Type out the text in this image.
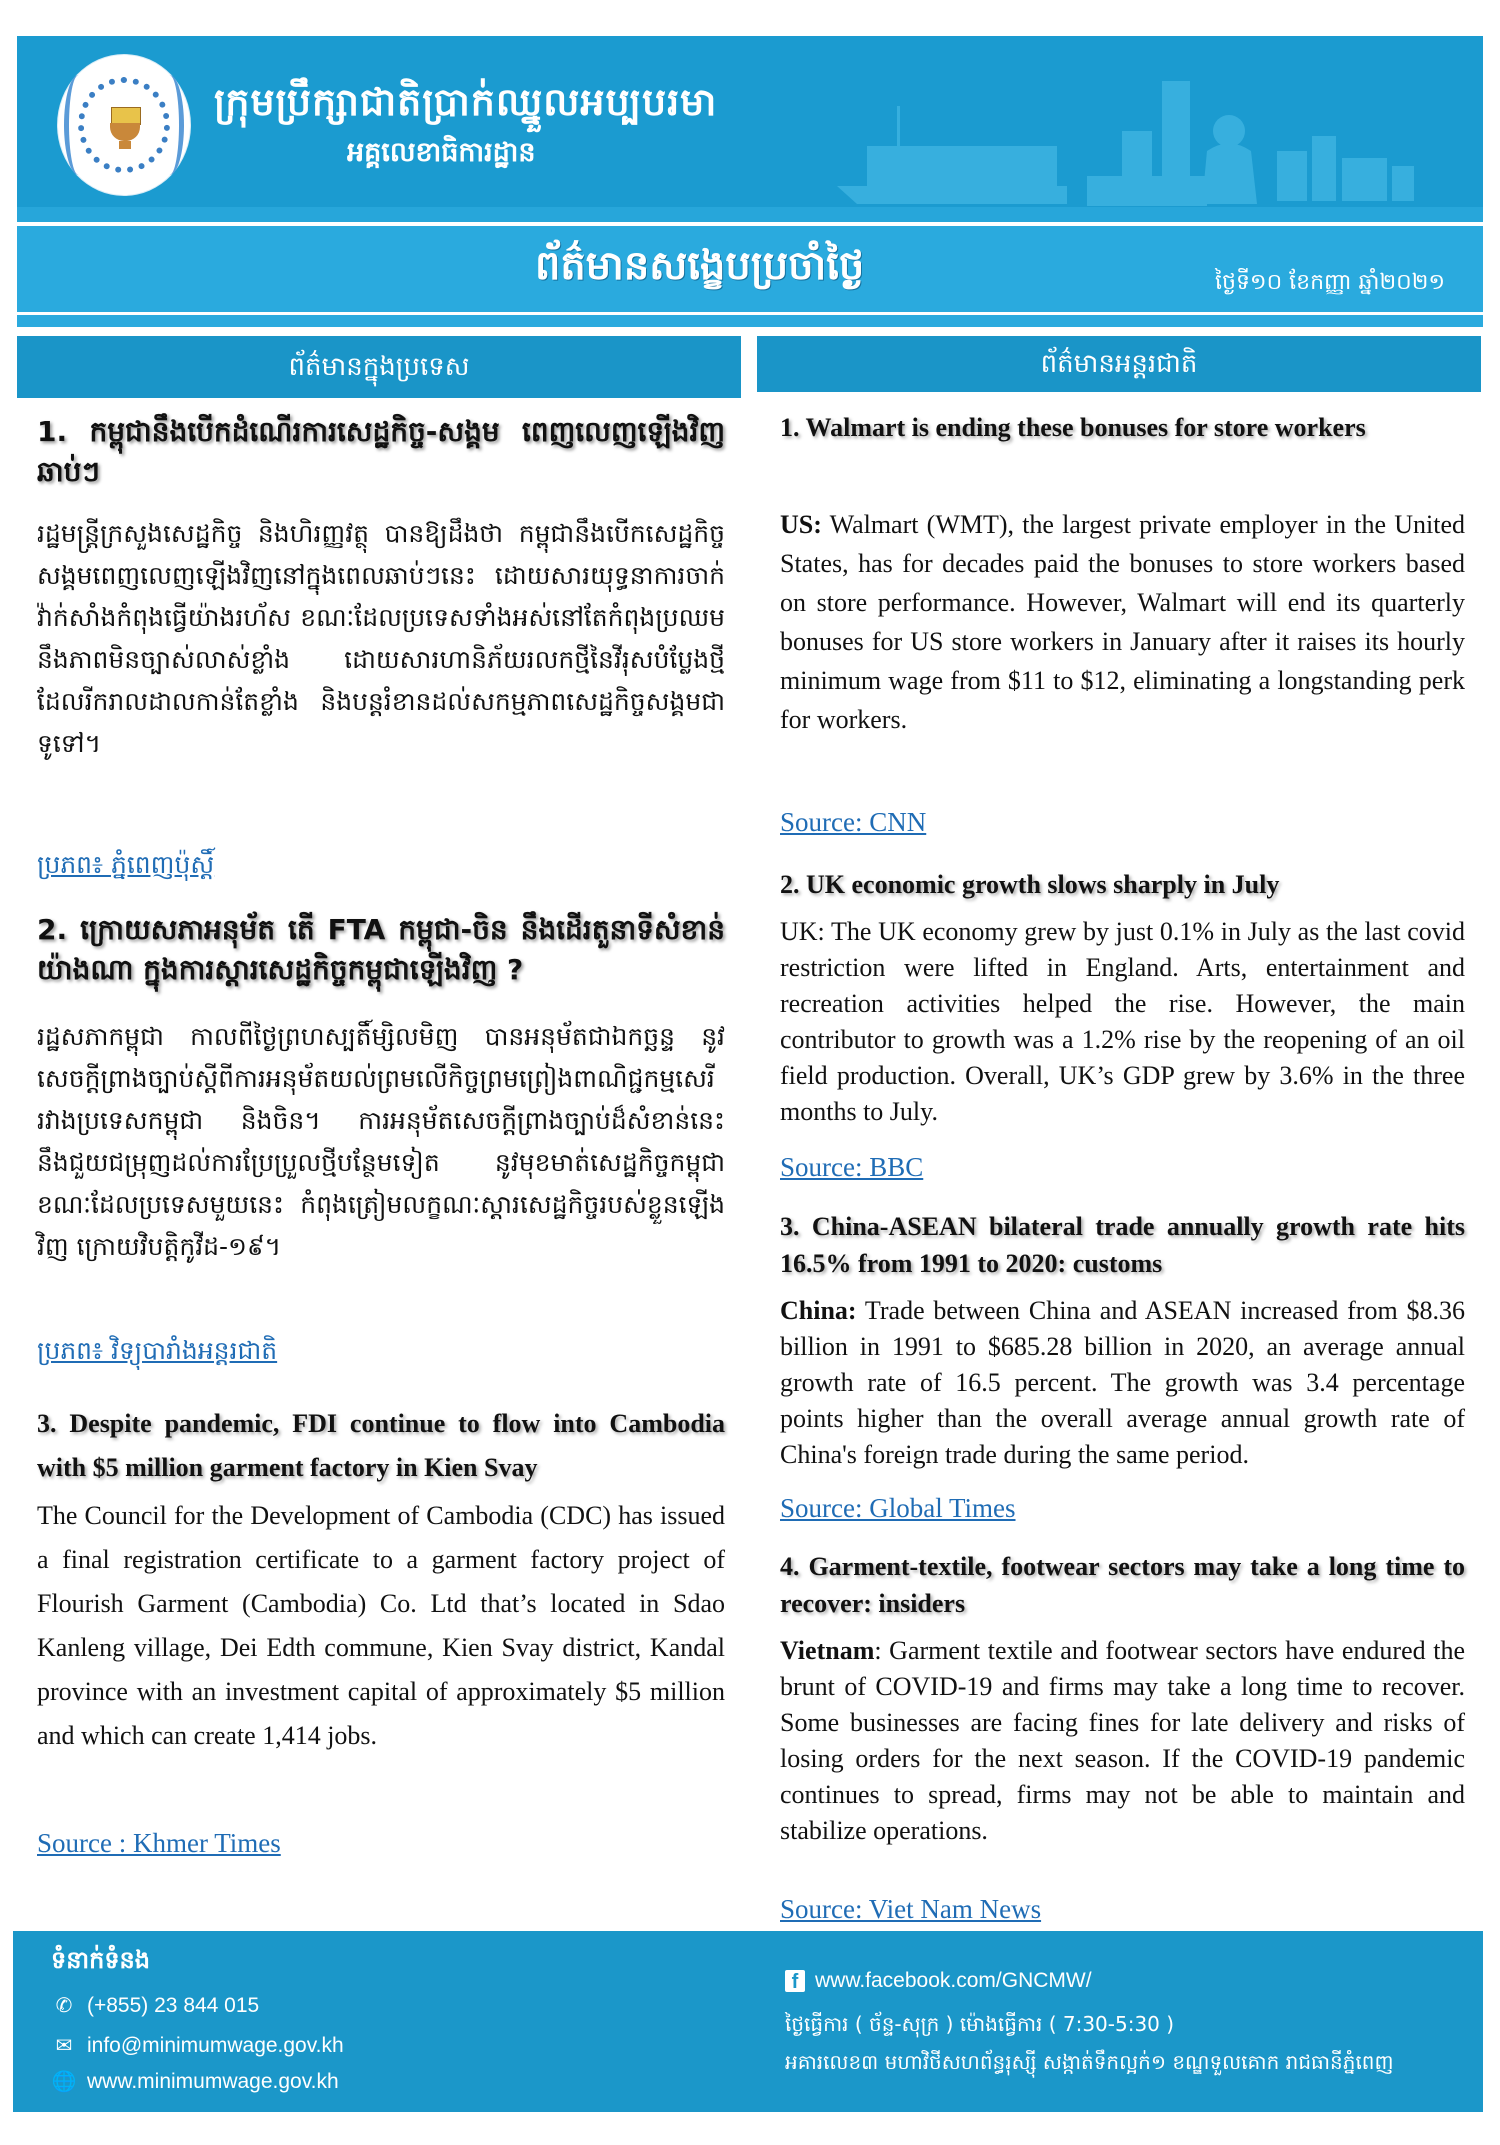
ក្រុមប្រឹក្សាជាតិប្រាក់ឈ្នួលអប្បបរមា
អគ្គលេខាធិការដ្ឋាន
ព័ត៌មានសង្ខេបប្រចាំថ្ងៃ	ថ្ងៃទី១០ ខែកញ្ញា ឆ្នាំ២០២១
ព័ត៌មានក្នុងប្រទេស	ព័ត៌មានអន្តរជាតិ
1. កម្ពុជានឹងបើកដំណើរការសេដ្ឋកិច្ច-សង្គម ពេញលេញឡើងវិញឆាប់ៗ
រដ្ឋមន្ត្រីក្រសួងសេដ្ឋកិច្ច និងហិរញ្ញវត្ថុ បានឱ្យដឹងថា កម្ពុជានឹងបើកសេដ្ឋកិច្ចសង្គមពេញលេញឡើងវិញនៅក្នុងពេលឆាប់ៗនេះ ដោយសារយុទ្ធនាការចាក់វ៉ាក់សាំងកំពុងធ្វើយ៉ាងរហ័ស ខណៈដែលប្រទេសទាំងអស់នៅតែកំពុងប្រឈមនឹងភាពមិនច្បាស់លាស់ខ្លាំង ដោយសារហានិភ័យរលកថ្មីនៃវីរុសបំប្លែងថ្មី ដែលរីករាលដាលកាន់តែខ្លាំង និងបន្តរំខានដល់សកម្មភាពសេដ្ឋកិច្ចសង្គមជាទូទៅ។
ប្រភព៖ ភ្នំពេញប៉ុស្តិ៍
2. ក្រោយសភាអនុម័ត តើ FTA កម្ពុជា-ចិន នឹងដើរតួនាទីសំខាន់យ៉ាងណា ក្នុងការស្តារសេដ្ឋកិច្ចកម្ពុជាឡើងវិញ ?
រដ្ឋសភាកម្ពុជា កាលពីថ្ងៃព្រហស្បតិ៍ម្សិលមិញ បានអនុម័តជាឯកច្ឆន្ទ នូវសេចក្តីព្រាងច្បាប់ស្តីពីការអនុម័តយល់ព្រមលើកិច្ចព្រមព្រៀងពាណិជ្ជកម្មសេរី រវាងប្រទេសកម្ពុជា និងចិន។ ការអនុម័តសេចក្តីព្រាងច្បាប់ដ៏សំខាន់នេះ នឹងជួយជម្រុញដល់ការប្រែប្រួលថ្មីបន្ថែមទៀត នូវមុខមាត់សេដ្ឋកិច្ចកម្ពុជា ខណៈដែលប្រទេសមួយនេះ កំពុងត្រៀមលក្ខណៈស្តារសេដ្ឋកិច្ចរបស់ខ្លួនឡើងវិញ ក្រោយវិបត្តិកូវីដ-១៩។
ប្រភព៖ វិទ្យុបារាំងអន្តរជាតិ
3. Despite pandemic, FDI continue to flow into Cambodia with $5 million garment factory in Kien Svay
The Council for the Development of Cambodia (CDC) has issued a final registration certificate to a garment factory project of Flourish Garment (Cambodia) Co. Ltd that’s located in Sdao Kanleng village, Dei Edth commune, Kien Svay district, Kandal province with an investment capital of approximately $5 million and which can create 1,414 jobs.
Source : Khmer Times
1. Walmart is ending these bonuses for store workers
US: Walmart (WMT), the largest private employer in the United States, has for decades paid the bonuses to store workers based on store performance. However, Walmart will end its quarterly bonuses for US store workers in January after it raises its hourly minimum wage from $11 to $12, eliminating a longstanding perk for workers.
Source: CNN
2. UK economic growth slows sharply in July
UK: The UK economy grew by just 0.1% in July as the last covid restriction were lifted in England. Arts, entertainment and recreation activities helped the rise. However, the main contributor to growth was a 1.2% rise by the reopening of an oil field production. Overall, UK’s GDP grew by 3.6% in the three months to July.
Source: BBC
3. China-ASEAN bilateral trade annually growth rate hits 16.5% from 1991 to 2020: customs
China: Trade between China and ASEAN increased from $8.36 billion in 1991 to $685.28 billion in 2020, an average annual growth rate of 16.5 percent. The growth was 3.4 percentage points higher than the overall average annual growth rate of China's foreign trade during the same period.
Source: Global Times
4. Garment-textile, footwear sectors may take a long time to recover: insiders
Vietnam: Garment textile and footwear sectors have endured the brunt of COVID-19 and firms may take a long time to recover. Some businesses are facing fines for late delivery and risks of losing orders for the next season. If the COVID-19 pandemic continues to spread, firms may not be able to maintain and stabilize operations.
Source: Viet Nam News
ទំនាក់ទំនង
✆ (+855) 23 844 015
✉ info@minimumwage.gov.kh
🌐 www.minimumwage.gov.kh
f www.facebook.com/GNCMW/
ថ្ងៃធ្វើការ ( ច័ន្ទ-សុក្រ ) ម៉ោងធ្វើការ ( 7:30-5:30 )
អគារលេខ៣ មហាវិថីសហព័ន្ធរុស្ស៊ី សង្កាត់ទឹកល្អក់១ ខណ្ឌទួលគោក រាជធានីភ្នំពេញ
